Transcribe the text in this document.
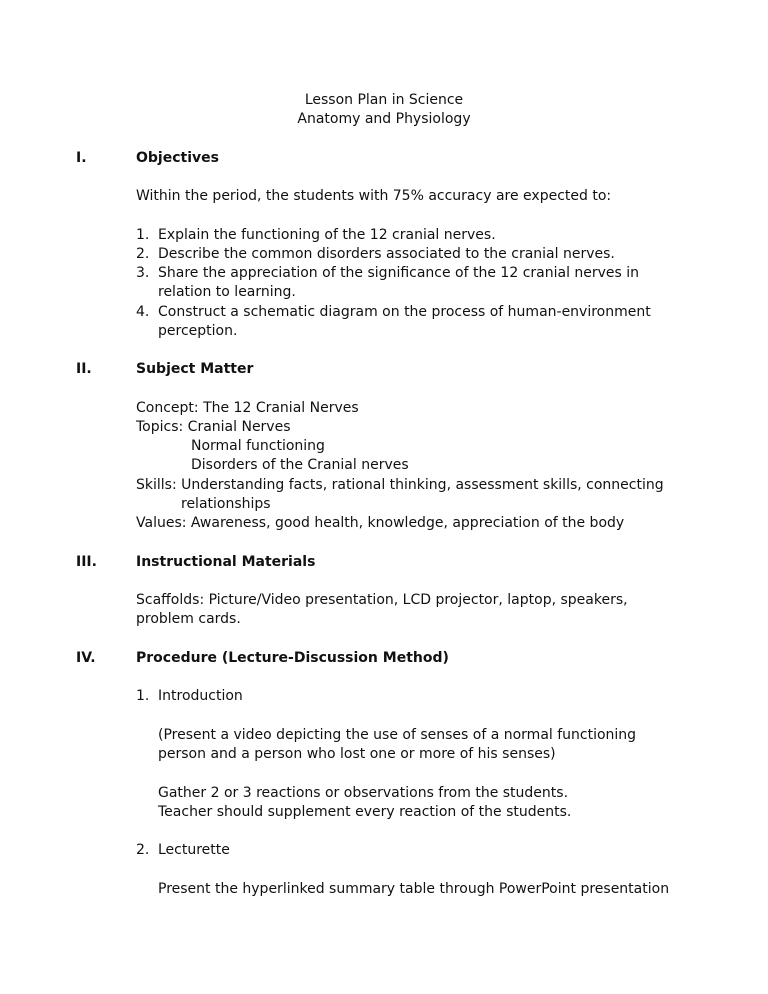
Lesson Plan in Science
Anatomy and Physiology
I.	Objectives
Within the period, the students with 75% accuracy are expected to:
1. Explain the functioning of the 12 cranial nerves.
2. Describe the common disorders associated to the cranial nerves.
3. Share the appreciation of the significance of the 12 cranial nerves in
relation to learning.
4. Construct a schematic diagram on the process of human-environment
perception.
II.	Subject Matter
Concept: The 12 Cranial Nerves
Topics: Cranial Nerves
Normal functioning
Disorders of the Cranial nerves
Skills: Understanding facts, rational thinking, assessment skills, connecting
relationships
Values: Awareness, good health, knowledge, appreciation of the body
III.	Instructional Materials
Scaffolds: Picture/Video presentation, LCD projector, laptop, speakers,
problem cards.
IV.	Procedure (Lecture-Discussion Method)
1. Introduction
(Present a video depicting the use of senses of a normal functioning
person and a person who lost one or more of his senses)
Gather 2 or 3 reactions or observations from the students.
Teacher should supplement every reaction of the students.
2. Lecturette
Present the hyperlinked summary table through PowerPoint presentation
